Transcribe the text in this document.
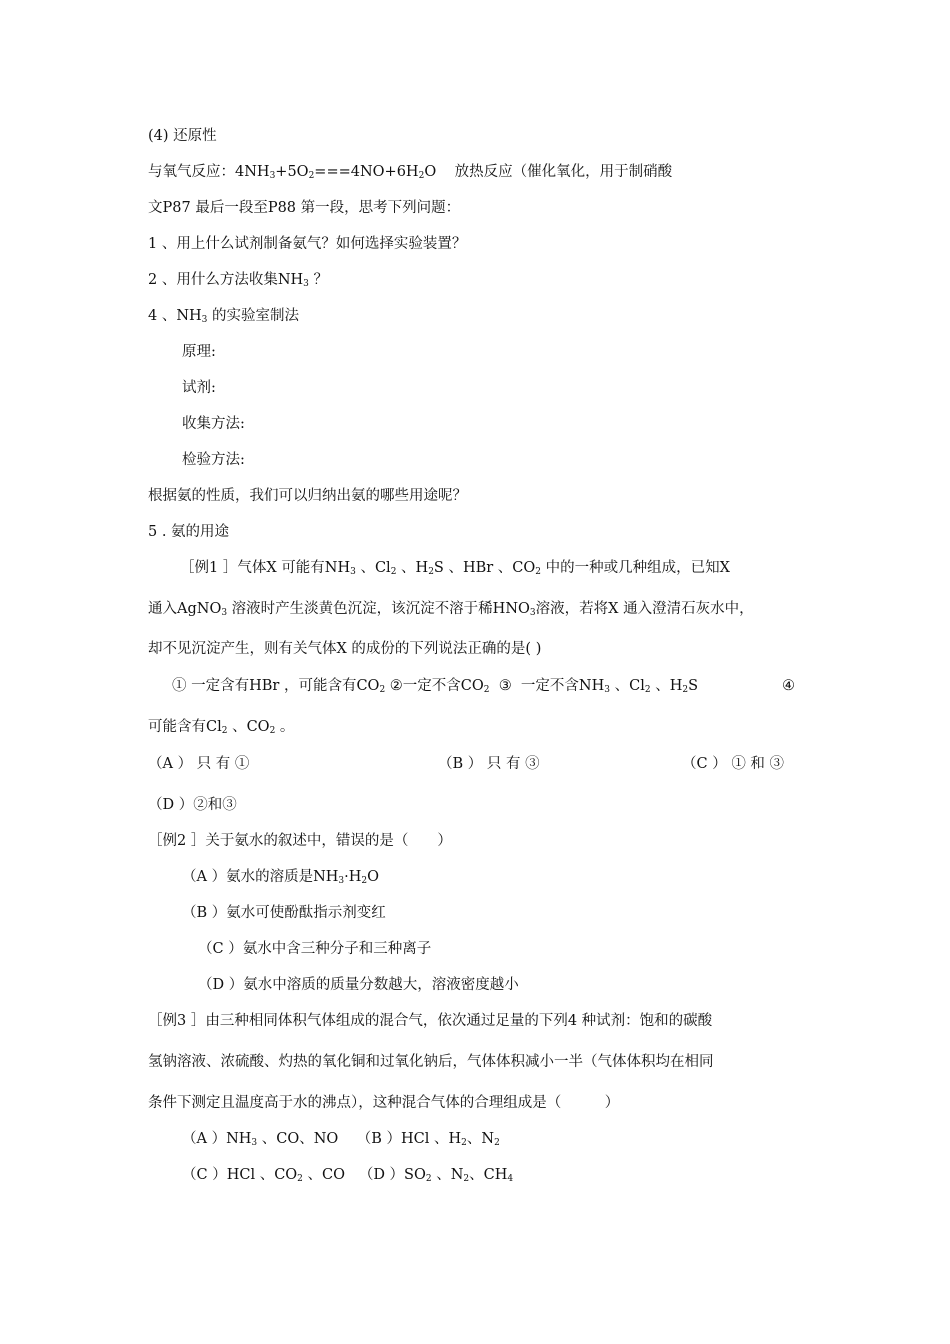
(4) 还原性
与氧气反应：$4NH_3+5O_2===4NO+6H_2O$    放热反应（催化氧化，用于制硝酸
文P87 最后一段至P88 第一段，思考下列问题：
1 、用上什么试剂制备氨气？如何选择实验装置？
2 、用什么方法收集$NH_3$ ？
4 、$NH_3$ 的实验室制法
原理:
试剂:
收集方法:
检验方法:
根据氨的性质，我们可以归纳出氨的哪些用途呢？
5 . 氨的用途
［例1 ］气体X 可能有$NH_3$ 、$Cl_2$ 、$H_2S$ 、HBr 、$CO_2$ 中的一种或几种组成，已知X
通入AgNO$_3$ 溶液时产生淡黄色沉淀，该沉淀不溶于稀$HNO_3$溶液，若将X 通入澄清石灰水中，
却不见沉淀产生，则有关气体X 的成份的下列说法正确的是( )
① 一定含有HBr ，可能含有$CO_2$ ②一定不含$CO_2$  ③  一定不含$NH_3$ 、$Cl_2$ 、$H_2S$	④
可能含有$Cl_2$ 、$CO_2$ 。
（A ） 只 有 ①	（B ） 只 有 ③	（C ） ① 和 ③
（D ）②和③
［例2 ］关于氨水的叙述中，错误的是（　　）
（A ）氨水的溶质是$NH_3\cdot H_2O$
（B ）氨水可使酚酞指示剂变红
（C ）氨水中含三种分子和三种离子
（D ）氨水中溶质的质量分数越大，溶液密度越小
［例3 ］由三种相同体积气体组成的混合气，依次通过足量的下列4 种试剂：饱和的碳酸
氢钠溶液、浓硫酸、灼热的氧化铜和过氧化钠后，气体体积减小一半（气体体积均在相同
条件下测定且温度高于水的沸点），这种混合气体的合理组成是（　　　）
（A ）$NH_3$ 、CO、NO    （B ）HCl 、$H_2$、$N_2$
（C ）HCl 、$CO_2$ 、CO   （D ）$SO_2$ 、$N_2$、$CH_4$
